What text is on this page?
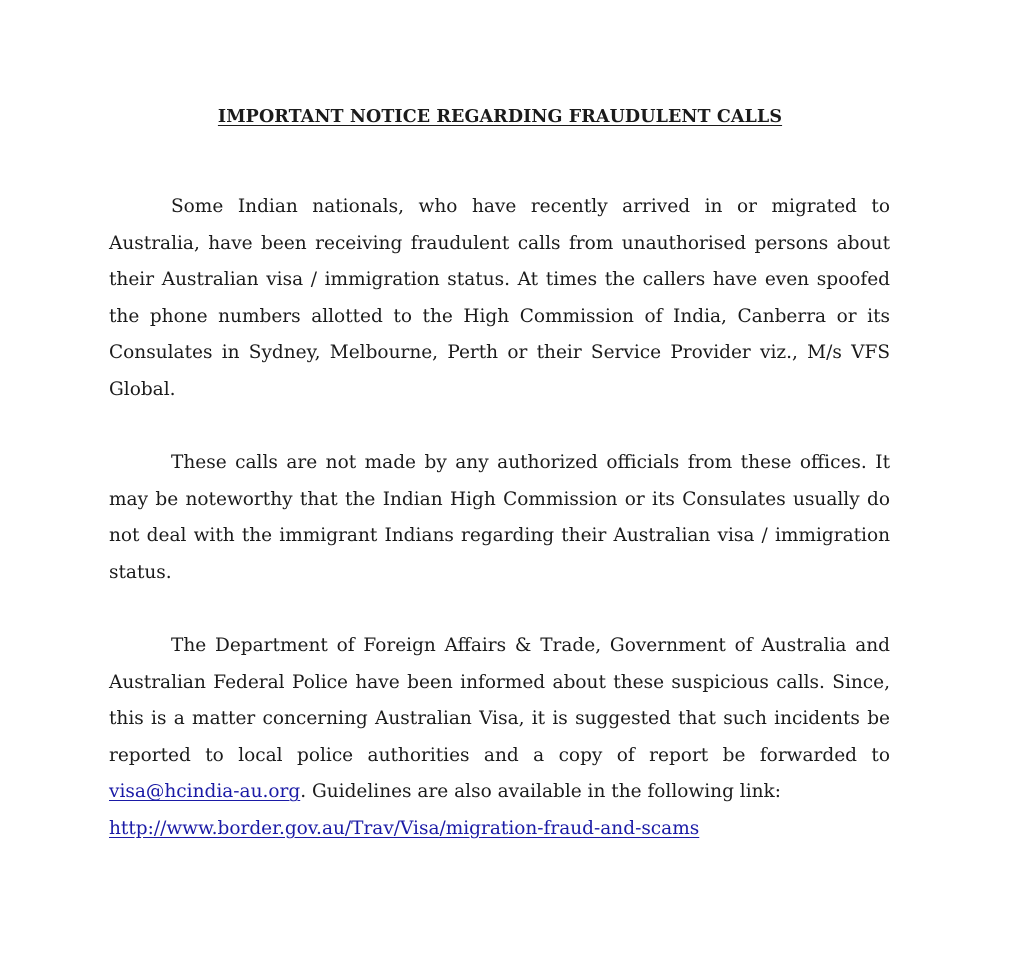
IMPORTANT NOTICE REGARDING FRAUDULENT CALLS

Some Indian nationals, who have recently arrived in or migrated to Australia, have been receiving fraudulent calls from unauthorised persons about their Australian visa / immigration status. At times the callers have even spoofed the phone numbers allotted to the High Commission of India, Canberra or its Consulates in Sydney, Melbourne, Perth or their Service Provider viz., M/s VFS Global.

These calls are not made by any authorized officials from these offices. It may be noteworthy that the Indian High Commission or its Consulates usually do not deal with the immigrant Indians regarding their Australian visa / immigration status.

The Department of Foreign Affairs & Trade, Government of Australia and Australian Federal Police have been informed about these suspicious calls. Since, this is a matter concerning Australian Visa, it is suggested that such incidents be reported to local police authorities and a copy of report be forwarded to visa@hcindia-au.org. Guidelines are also available in the following link:

http://www.border.gov.au/Trav/Visa/migration-fraud-and-scams
